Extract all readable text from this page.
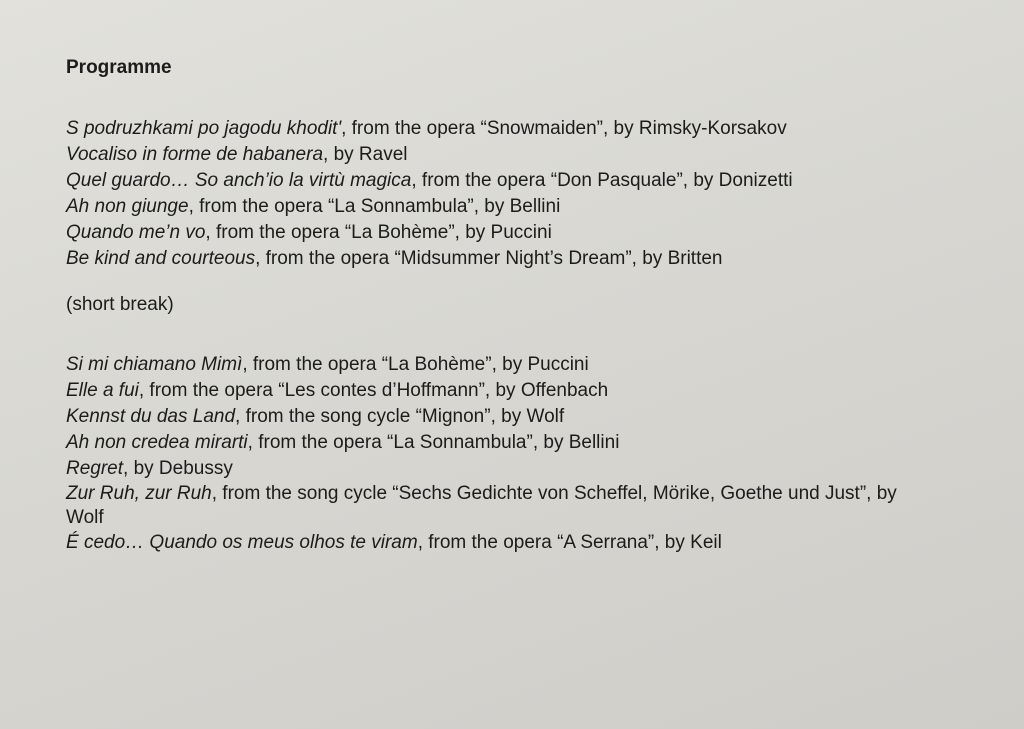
Programme
S podruzhkami po jagodu khodit', from the opera “Snowmaiden”, by Rimsky-Korsakov
Vocaliso in forme de habanera, by Ravel
Quel guardo… So anch’io la virtù magica, from the opera “Don Pasquale”, by Donizetti
Ah non giunge, from the opera “La Sonnambula”, by Bellini
Quando me’n vo, from the opera “La Bohème”, by Puccini
Be kind and courteous, from the opera “Midsummer Night’s Dream”, by Britten
(short break)
Si mi chiamano Mimì, from the opera “La Bohème”, by Puccini
Elle a fui, from the opera “Les contes d’Hoffmann”, by Offenbach
Kennst du das Land, from the song cycle “Mignon”, by Wolf
Ah non credea mirarti, from the opera “La Sonnambula”, by Bellini
Regret, by Debussy
Zur Ruh, zur Ruh, from the song cycle “Sechs Gedichte von Scheffel, Mörike, Goethe und Just”, by Wolf
É cedo… Quando os meus olhos te viram, from the opera “A Serrana”, by Keil
